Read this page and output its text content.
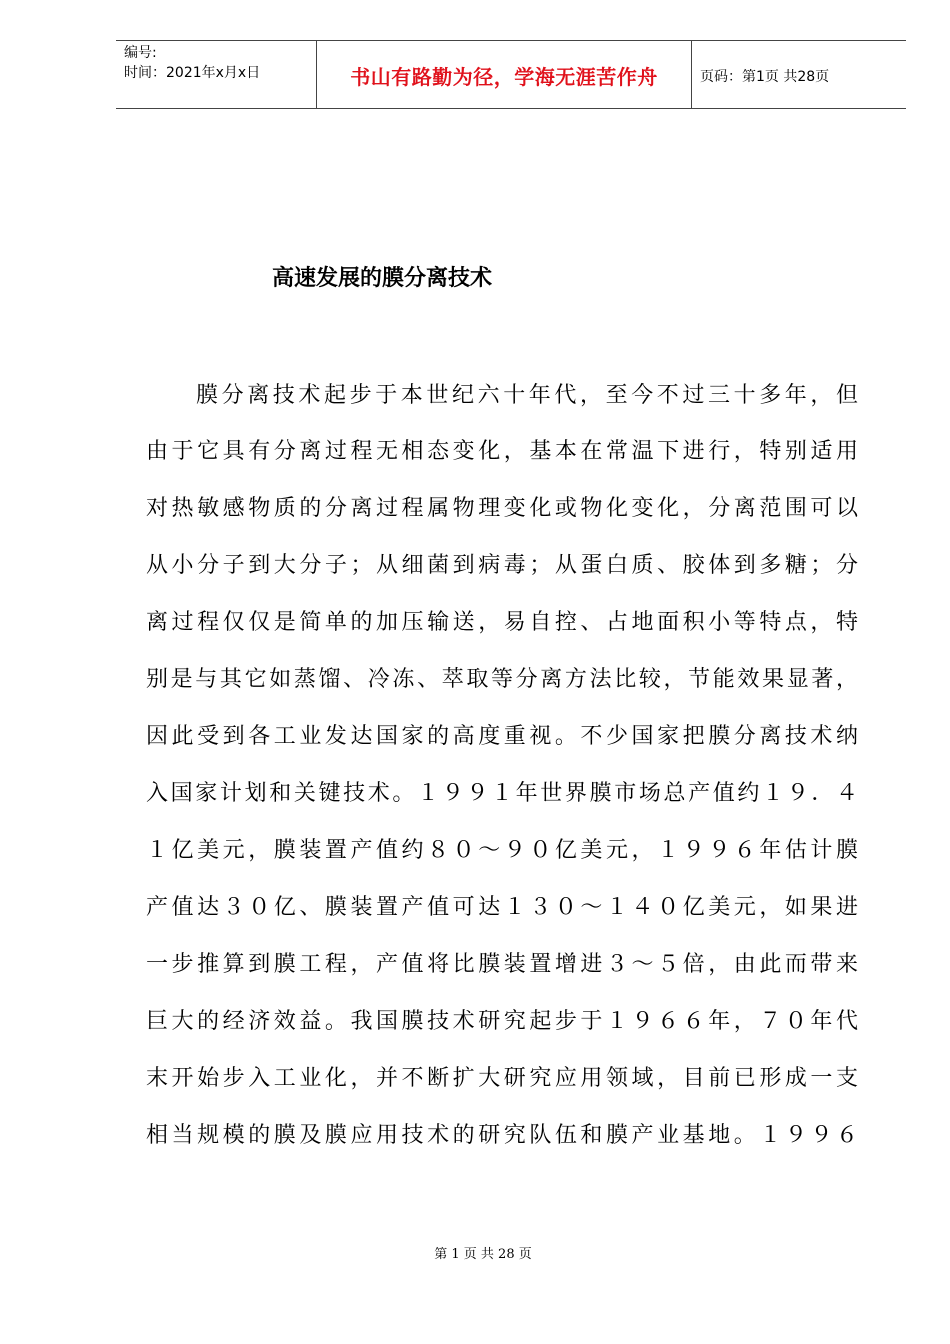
编号:
时间：2021年x月x日	书山有路勤为径，学海无涯苦作舟	页码：第1页 共28页
高速发展的膜分离技术
膜分离技术起步于本世纪六十年代，至今不过三十多年，但
由于它具有分离过程无相态变化，基本在常温下进行，特别适用
对热敏感物质的分离过程属物理变化或物化变化，分离范围可以
从小分子到大分子；从细菌到病毒；从蛋白质、胶体到多糖；分
离过程仅仅是简单的加压输送，易自控、占地面积小等特点，特
别是与其它如蒸馏、冷冻、萃取等分离方法比较，节能效果显著，
因此受到各工业发达国家的高度重视。不少国家把膜分离技术纳
入国家计划和关键技术。１９９１年世界膜市场总产值约１９．４
１亿美元，膜装置产值约８０～９０亿美元，１９９６年估计膜
产值达３０亿、膜装置产值可达１３０～１４０亿美元，如果进
一步推算到膜工程，产值将比膜装置增进３～５倍，由此而带来
巨大的经济效益。我国膜技术研究起步于１９６６年，７０年代
末开始步入工业化，并不断扩大研究应用领域，目前已形成一支
相当规模的膜及膜应用技术的研究队伍和膜产业基地。１９９６
第 1 页 共 28 页
